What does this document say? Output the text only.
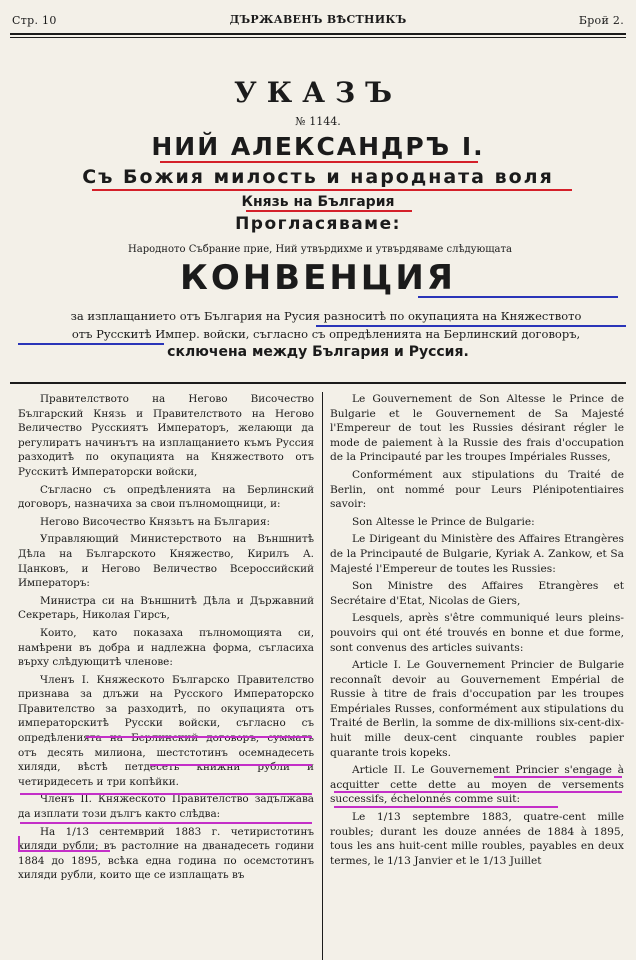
Стр. 10	ДЪРЖАВЕНЪ ВѢСТНИКЪ	Брой 2.
УКАЗЪ
№ 1144.
НИЙ АЛЕКСАНДРЪ I.
Съ Божия милость и народната воля
Князь на България
Прогласяваме:
Народното Събрание прие, Ний утвърдихме и утвърдяваме слѣдующата
КОНВЕНЦИЯ
за изплащанието отъ България на Русия разноситѣ по окупацията на Княжеството
отъ Русскитѣ Импер. войски, съгласно съ опредѣленията на Берлинский договоръ,
сключена между България и Руссия.

Правителството на Негово Височество Българский Князь и Правителството на Негово Величество Русскиятъ Императоръ, желающи да регулиратъ начинътъ на изплащанието къмъ Руссия разходитѣ по окупацията на Княжеството отъ Русскитѣ Императорски войски,

Съгласно съ опредѣленията на Берлинский договоръ, назначиха за свои пълномощници, и:

Негово Височество Князьтъ на България:

Управляющий Министерството на Външнитѣ Дѣла на Българското Княжество, Кирилъ А. Цанковъ, и Негово Величество Всероссийский Императоръ:

Министра си на Външнитѣ Дѣла и Държавний Секретарь, Николая Гирсъ,

Които, като показаха пълномощията си, намѣрени въ добра и надлежна форма, съгласиха върху слѣдующитѣ членове:

Членъ I. Княжеското Българско Правителство признава за длъжи на Русского Императорско Правителство за разходитѣ, по окупацията отъ императорскитѣ Русски войски, съгласно съ опредѣленията на Берлинский договоръ, сумматъ отъ десять милиона, шестстотинъ осемнадесеть хиляди, вѣстѣ петдесеть книжни рубли и четиридесеть и три копѣйки.

Членъ II. Княжеското Правителство задължава да изплати този дългъ както слѣдва:

На 1/13 сентемврий 1883 г. четиристотинъ хиляди рубли; въ растолние на дванадесеть години 1884 до 1895, всѣка една година по осемстотинъ хиляди рубли, които ще се изплащать въ

Le Gouvernement de Son Altesse le Prince de Bulgarie et le Gouvernement de Sa Majesté l'Empereur de tout les Russies désirant régler le mode de paiement à la Russie des frais d'occupation de la Principauté par les troupes Impériales Russes,

Conformément aux stipulations du Traité de Berlin, ont nommé pour Leurs Plénipotentiaires savoir:

Son Altesse le Prince de Bulgarie:

Le Dirigeant du Ministère des Affaires Etrangères de la Principauté de Bulgarie, Kyriak A. Zankow, et Sa Majesté l'Empereur de toutes les Russies:

Son Ministre des Affaires Etrangères et Secrétaire d'Etat, Nicolas de Giers,

Lesquels, après s'être communiqué leurs pleins-pouvoirs qui ont été trouvés en bonne et due forme, sont convenus des articles suivants:

Article I. Le Gouvernement Princier de Bulgarie reconnaît devoir au Gouvernement Empérial de Russie à titre de frais d'occupation par les troupes Empériales Russes, conformément aux stipulations du Traité de Berlin, la somme de dix-millions six-cent-dix-huit mille deux-cent cinquante roubles papier quarante trois kopeks.

Article II. Le Gouvernement Princier s'engage à acquitter cette dette au moyen de versements successifs, échelonnés comme suit:

Le 1/13 septembre 1883, quatre-cent mille roubles; durant les douze années de 1884 à 1895, tous les ans huit-cent mille roubles, payables en deux termes, le 1/13 Janvier et le 1/13 Juillet
